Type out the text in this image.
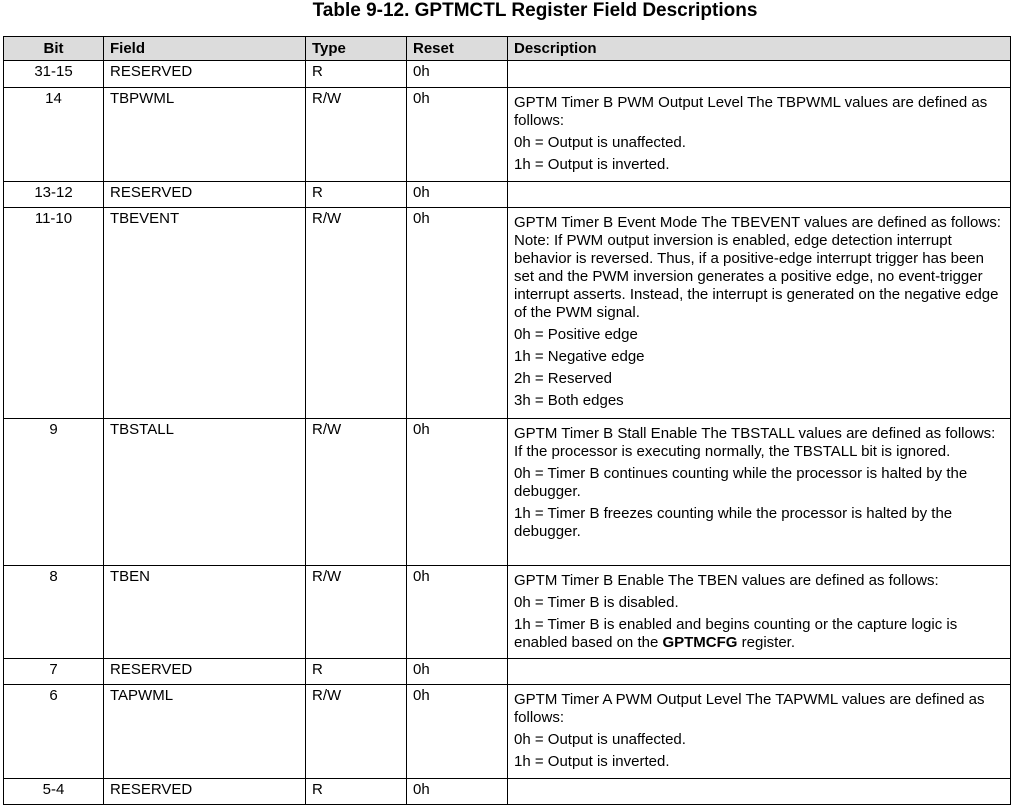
Table 9-12. GPTMCTL Register Field Descriptions
Bit	Field	Type	Reset	Description
31-15	RESERVED	R	0h	
14	TBPWML	R/W	0h	GPTM Timer B PWM Output Level The TBPWML values are defined as follows:

0h = Output is unaffected.

1h = Output is inverted.

13-12	RESERVED	R	0h	
11-10	TBEVENT	R/W	0h	GPTM Timer B Event Mode The TBEVENT values are defined as follows: Note: If PWM output inversion is enabled, edge detection interrupt behavior is reversed. Thus, if a positive-edge interrupt trigger has been set and the PWM inversion generates a positive edge, no event-trigger interrupt asserts. Instead, the interrupt is generated on the negative edge of the PWM signal.

0h = Positive edge

1h = Negative edge

2h = Reserved

3h = Both edges

9	TBSTALL	R/W	0h	GPTM Timer B Stall Enable The TBSTALL values are defined as follows: If the processor is executing normally, the TBSTALL bit is ignored.

0h = Timer B continues counting while the processor is halted by the debugger.

1h = Timer B freezes counting while the processor is halted by the debugger.

8	TBEN	R/W	0h	GPTM Timer B Enable The TBEN values are defined as follows:

0h = Timer B is disabled.

1h = Timer B is enabled and begins counting or the capture logic is enabled based on the GPTMCFG register.

7	RESERVED	R	0h	
6	TAPWML	R/W	0h	GPTM Timer A PWM Output Level The TAPWML values are defined as follows:

0h = Output is unaffected.

1h = Output is inverted.

5-4	RESERVED	R	0h	
